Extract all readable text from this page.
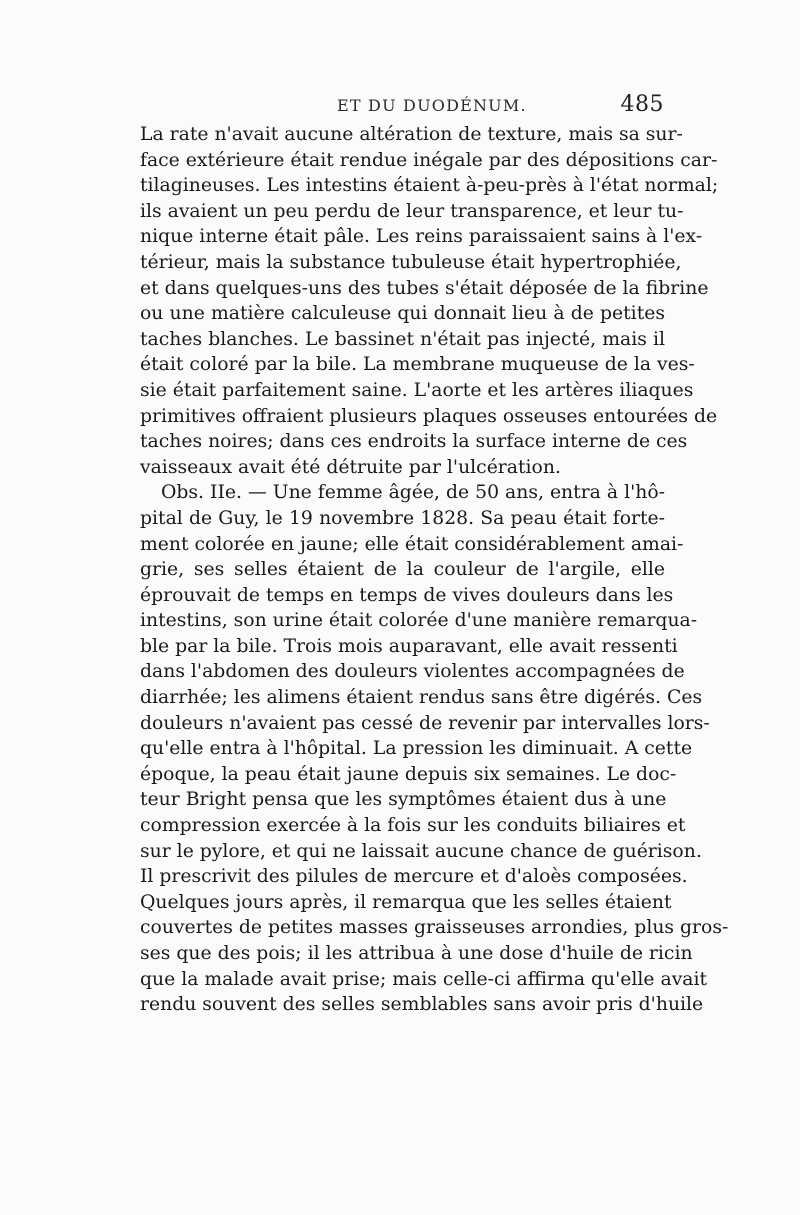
ET DU DUODÉNUM.	485
La rate n'avait aucune altération de texture, mais sa sur-
face extérieure était rendue inégale par des dépositions car-
tilagineuses. Les intestins étaient à-peu-près à l'état normal;
ils avaient un peu perdu de leur transparence, et leur tu-
nique interne était pâle. Les reins paraissaient sains à l'ex-
térieur, mais la substance tubuleuse était hypertrophiée,
et dans quelques-uns des tubes s'était déposée de la fibrine
ou une matière calculeuse qui donnait lieu à de petites
taches blanches. Le bassinet n'était pas injecté, mais il
était coloré par la bile. La membrane muqueuse de la ves-
sie était parfaitement saine. L'aorte et les artères iliaques
primitives offraient plusieurs plaques osseuses entourées de
taches noires; dans ces endroits la surface interne de ces
vaisseaux avait été détruite par l'ulcération.
Obs. IIe. — Une femme âgée, de 50 ans, entra à l'hô-
pital de Guy, le 19 novembre 1828. Sa peau était forte-
ment colorée en jaune; elle était considérablement amai-
grie, ses selles étaient de la couleur de l'argile, elle
éprouvait de temps en temps de vives douleurs dans les
intestins, son urine était colorée d'une manière remarqua-
ble par la bile. Trois mois auparavant, elle avait ressenti
dans l'abdomen des douleurs violentes accompagnées de
diarrhée; les alimens étaient rendus sans être digérés. Ces
douleurs n'avaient pas cessé de revenir par intervalles lors-
qu'elle entra à l'hôpital. La pression les diminuait. A cette
époque, la peau était jaune depuis six semaines. Le doc-
teur Bright pensa que les symptômes étaient dus à une
compression exercée à la fois sur les conduits biliaires et
sur le pylore, et qui ne laissait aucune chance de guérison.
Il prescrivit des pilules de mercure et d'aloès composées.
Quelques jours après, il remarqua que les selles étaient
couvertes de petites masses graisseuses arrondies, plus gros-
ses que des pois; il les attribua à une dose d'huile de ricin
que la malade avait prise; mais celle-ci affirma qu'elle avait
rendu souvent des selles semblables sans avoir pris d'huile
